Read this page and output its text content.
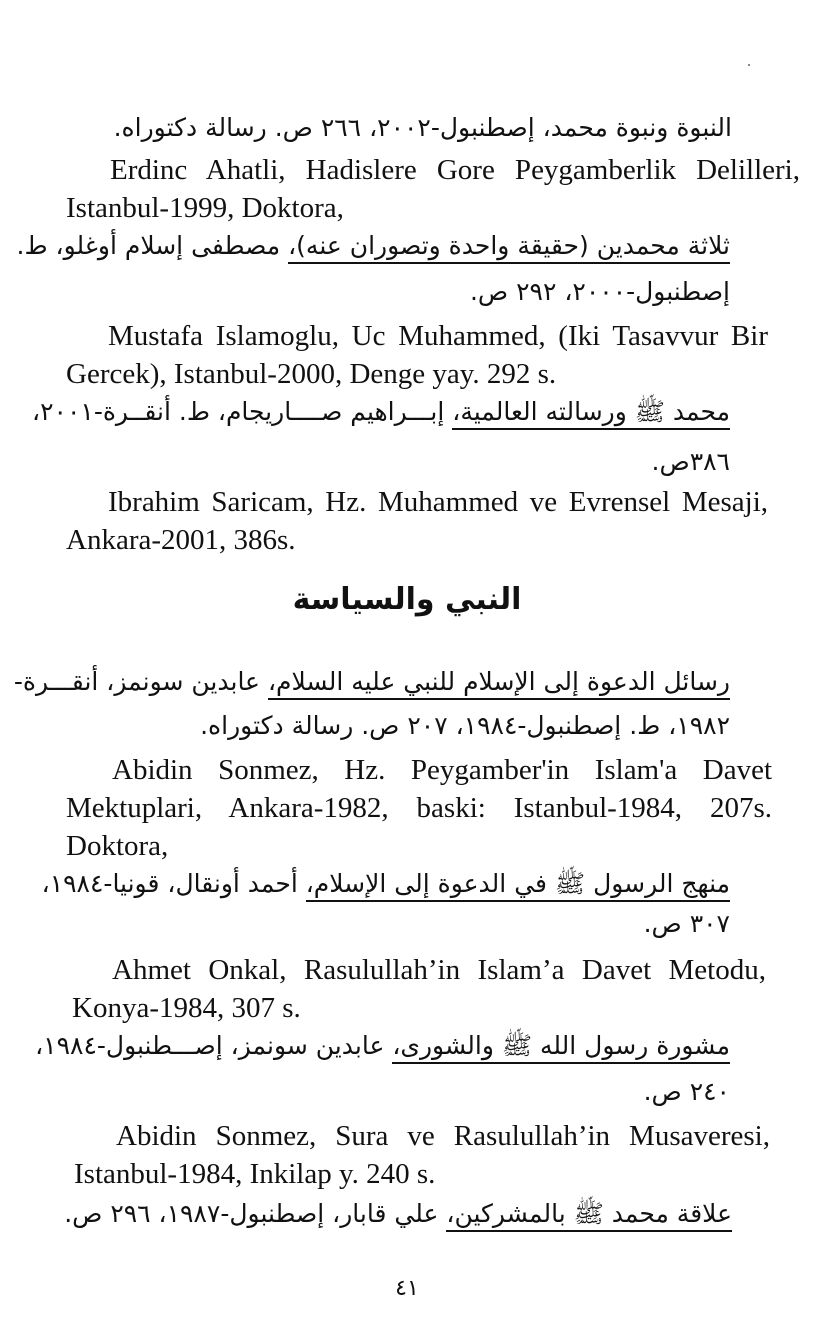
النبوة ونبوة محمد، إصطنبول-٢٠٠٢، ٢٦٦ ص. رسالة دكتوراه.
Erdinc Ahatli, Hadislere Gore Peygamberlik Delilleri,
Istanbul-1999, Doktora,
ثلاثة محمدين (حقيقة واحدة وتصوران عنه)، مصطفى إسلام أوغلو، ط.
إصطنبول-٢٠٠٠، ٢٩٢ ص.
Mustafa Islamoglu, Uc Muhammed, (Iki Tasavvur Bir
Gercek), Istanbul-2000, Denge yay. 292 s.
محمد ﷺ ورسالته العالمية، إبـــراهيم صــــاريجام، ط. أنقــرة-٢٠٠١،
٣٨٦ص.
Ibrahim Saricam, Hz. Muhammed ve Evrensel Mesaji,
Ankara-2001, 386s.
النبي والسياسة
رسائل الدعوة إلى الإسلام للنبي عليه السلام، عابدين سونمز، أنقـــرة-
١٩٨٢، ط. إصطنبول-١٩٨٤، ٢٠٧ ص. رسالة دكتوراه.
Abidin Sonmez, Hz. Peygamber'in Islam'a Davet
Mektuplari, Ankara-1982, baski: Istanbul-1984, 207s.
Doktora,
منهج الرسول ﷺ في الدعوة إلى الإسلام، أحمد أونقال، قونيا-١٩٨٤،
٣٠٧ ص.
Ahmet Onkal, Rasulullah’in Islam’a Davet Metodu,
Konya-1984, 307 s.
مشورة رسول الله ﷺ والشورى، عابدين سونمز، إصـــطنبول-١٩٨٤،
٢٤٠ ص.
Abidin Sonmez, Sura ve Rasulullah’in Musaveresi,
Istanbul-1984, Inkilap y. 240 s.
علاقة محمد ﷺ بالمشركين، علي قابار، إصطنبول-١٩٨٧، ٢٩٦ ص.
٤١
